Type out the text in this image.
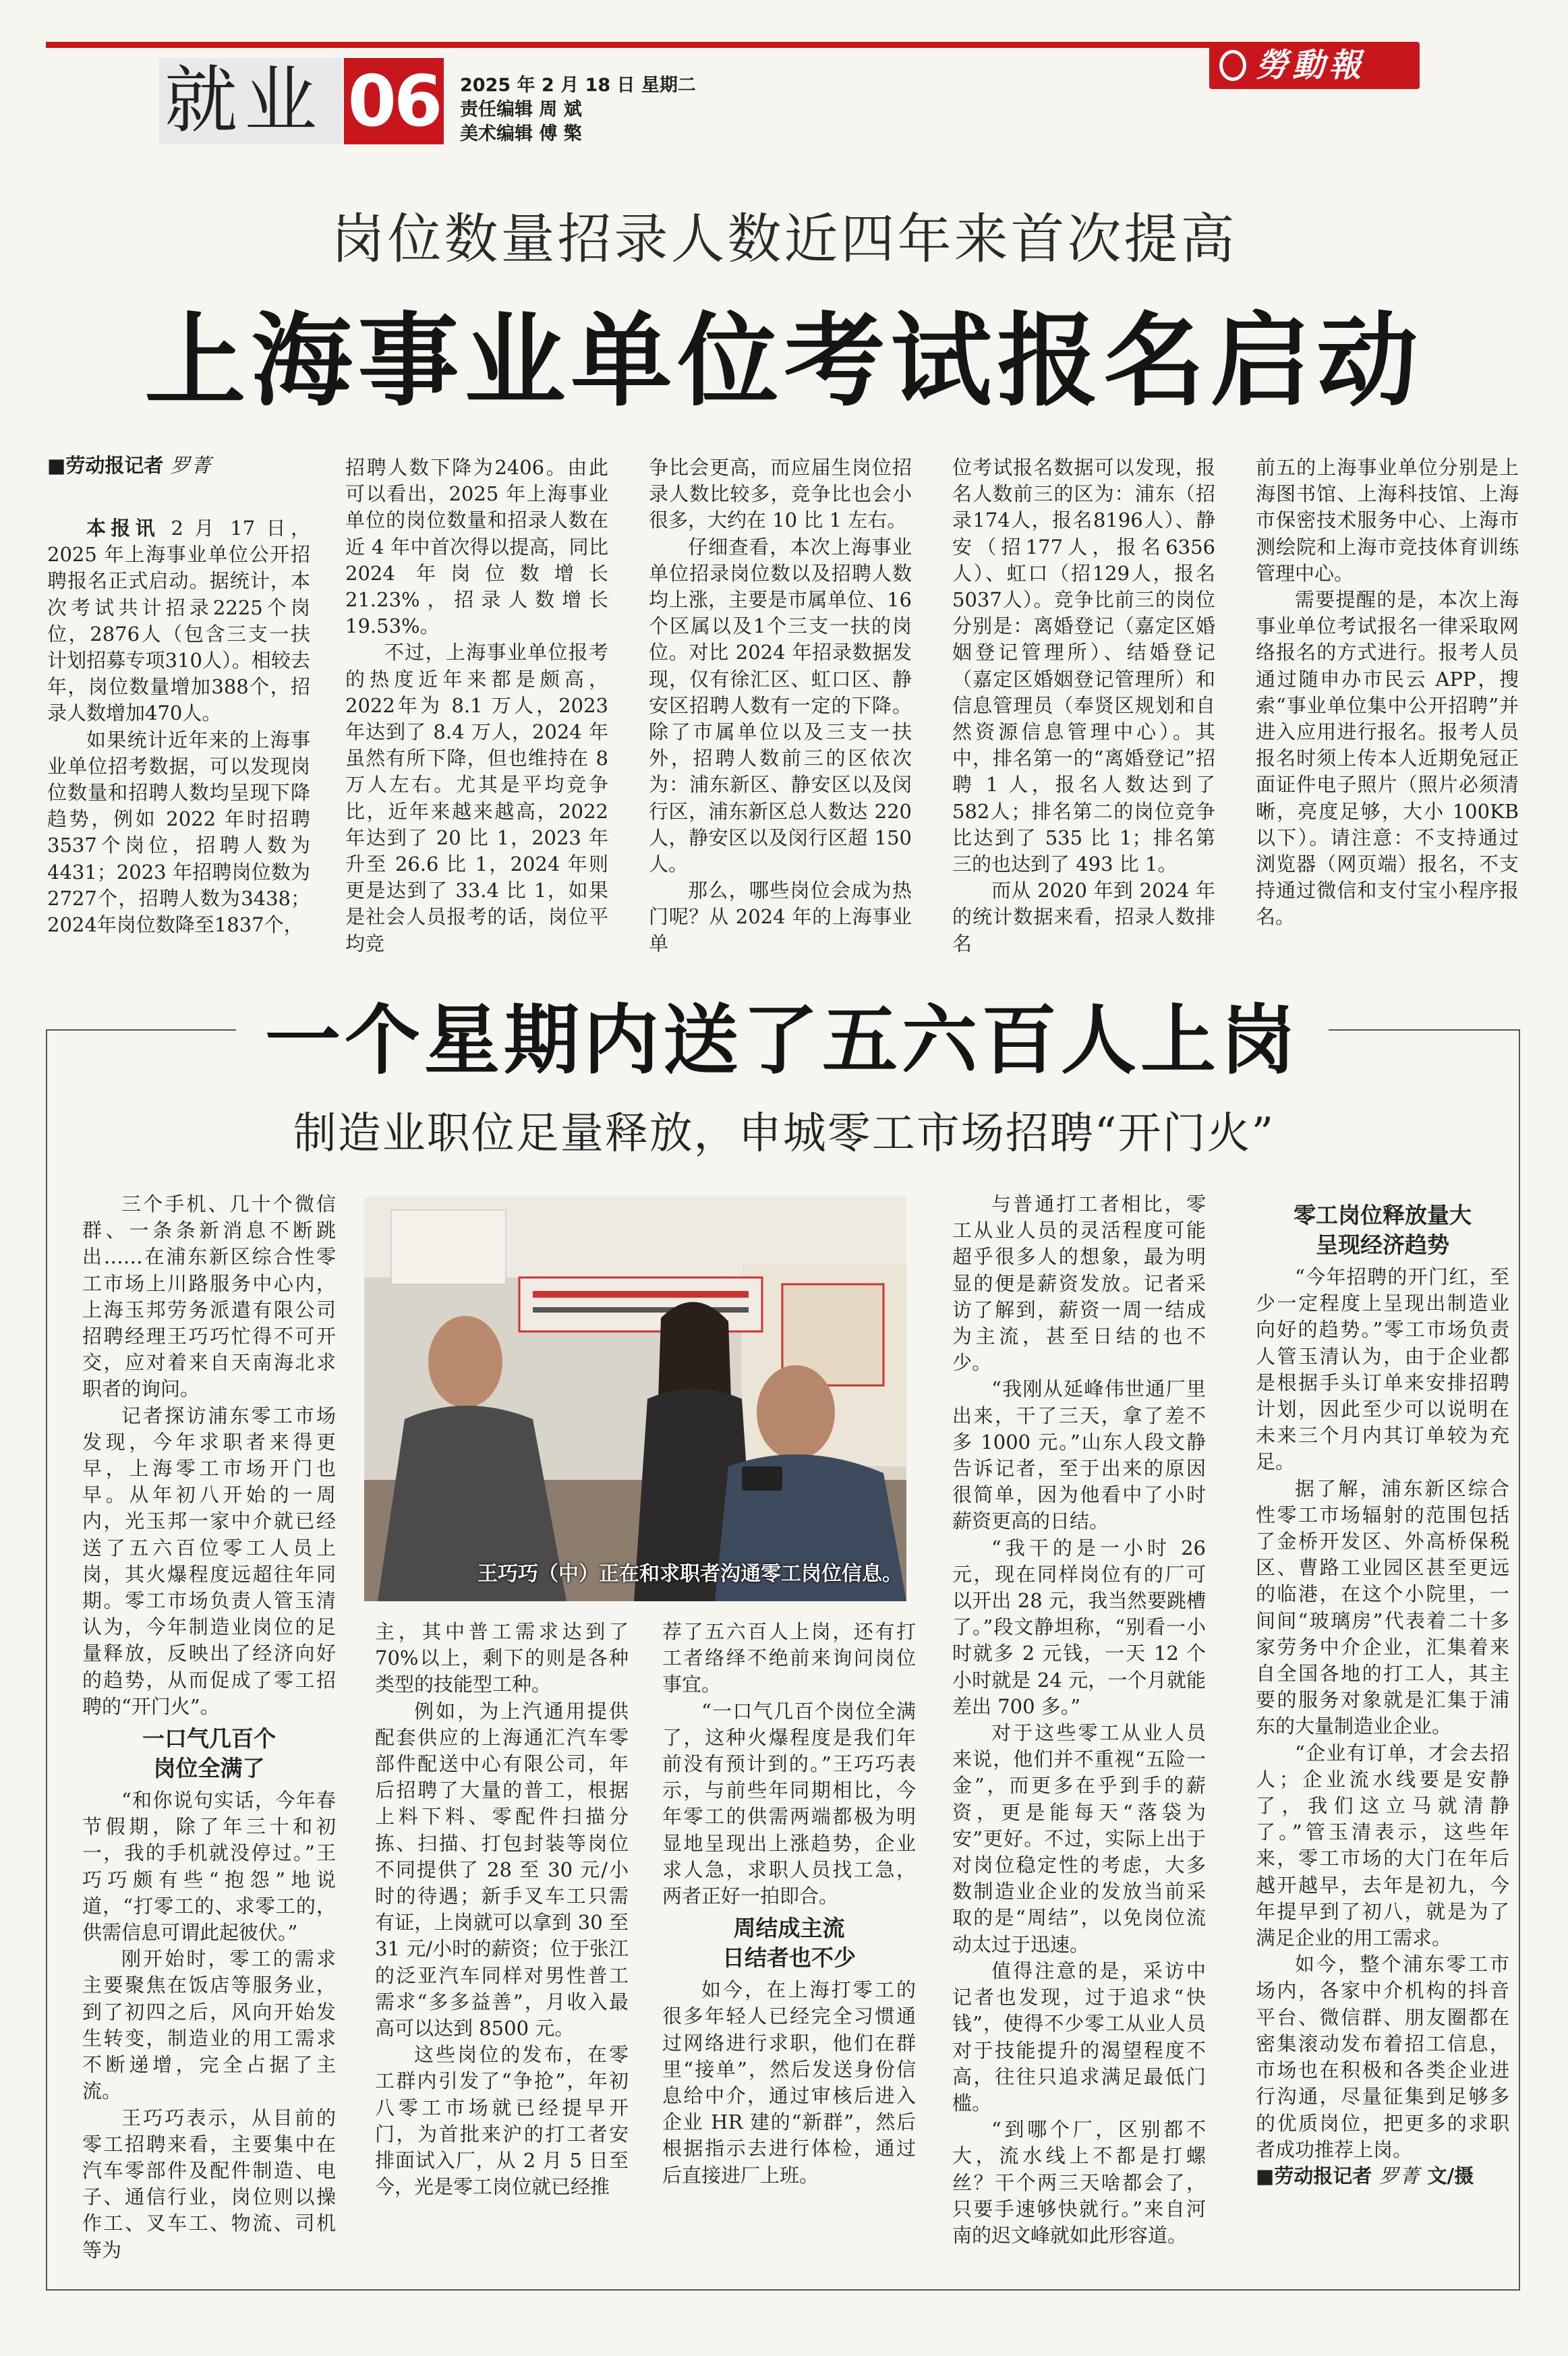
就业 06 2025 年 2 月 18 日 星期二
责任编辑 周 斌
美术编辑 傅 檠
勞動報
岗位数量招录人数近四年来首次提高
上海事业单位考试报名启动
■劳动报记者 罗菁

本报讯 2 月 17 日，2025 年上海事业单位公开招聘报名正式启动。据统计，本次考试共计招录2225个岗位，2876人（包含三支一扶计划招募专项310人）。相较去年，岗位数量增加388个，招录人数增加470人。

如果统计近年来的上海事业单位招考数据，可以发现岗位数量和招聘人数均呈现下降趋势，例如 2022 年时招聘3537个岗位，招聘人数为4431；2023 年招聘岗位数为2727个，招聘人数为3438；2024年岗位数降至1837个，

招聘人数下降为2406。由此可以看出，2025 年上海事业单位的岗位数量和招录人数在近 4 年中首次得以提高，同比 2024 年岗位数增长 21.23%，招录人数增长 19.53%。

不过，上海事业单位报考的热度近年来都是颇高，2022年为 8.1 万人，2023 年达到了 8.4 万人，2024 年虽然有所下降，但也维持在 8 万人左右。尤其是平均竞争比，近年来越来越高，2022 年达到了 20 比 1，2023 年升至 26.6 比 1，2024 年则更是达到了 33.4 比 1，如果是社会人员报考的话，岗位平均竞

争比会更高，而应届生岗位招录人数比较多，竞争比也会小很多，大约在 10 比 1 左右。

仔细查看，本次上海事业单位招录岗位数以及招聘人数均上涨，主要是市属单位、16个区属以及1个三支一扶的岗位。对比 2024 年招录数据发现，仅有徐汇区、虹口区、静安区招聘人数有一定的下降。除了市属单位以及三支一扶外，招聘人数前三的区依次为：浦东新区、静安区以及闵行区，浦东新区总人数达 220 人，静安区以及闵行区超 150 人。

那么，哪些岗位会成为热门呢？从 2024 年的上海事业单

位考试报名数据可以发现，报名人数前三的区为：浦东（招录174人，报名8196人）、静安（招177人，报名6356人）、虹口（招129人，报名5037人）。竞争比前三的岗位分别是：离婚登记（嘉定区婚姻登记管理所）、结婚登记（嘉定区婚姻登记管理所）和信息管理员（奉贤区规划和自然资源信息管理中心）。其中，排名第一的“离婚登记”招聘 1 人，报名人数达到了 582人；排名第二的岗位竞争比达到了 535 比 1；排名第三的也达到了 493 比 1。

而从 2020 年到 2024 年的统计数据来看，招录人数排名

前五的上海事业单位分别是上海图书馆、上海科技馆、上海市保密技术服务中心、上海市测绘院和上海市竞技体育训练管理中心。

需要提醒的是，本次上海事业单位考试报名一律采取网络报名的方式进行。报考人员通过随申办市民云 APP，搜索“事业单位集中公开招聘”并进入应用进行报名。报考人员报名时须上传本人近期免冠正面证件电子照片（照片必须清晰，亮度足够，大小 100KB 以下）。请注意：不支持通过浏览器（网页端）报名，不支持通过微信和支付宝小程序报名。

一个星期内送了五六百人上岗
制造业职位足量释放，申城零工市场招聘“开门火”
王巧巧（中）正在和求职者沟通零工岗位信息。

三个手机、几十个微信群、一条条新消息不断跳出……在浦东新区综合性零工市场上川路服务中心内，上海玉邦劳务派遣有限公司招聘经理王巧巧忙得不可开交，应对着来自天南海北求职者的询问。

记者探访浦东零工市场发现，今年求职者来得更早，上海零工市场开门也早。从年初八开始的一周内，光玉邦一家中介就已经送了五六百位零工人员上岗，其火爆程度远超往年同期。零工市场负责人管玉清认为，今年制造业岗位的足量释放，反映出了经济向好的趋势，从而促成了零工招聘的“开门火”。

一口气几百个
岗位全满了

“和你说句实话，今年春节假期，除了年三十和初一，我的手机就没停过。”王巧巧颇有些“抱怨”地说道，“打零工的、求零工的，供需信息可谓此起彼伏。”

刚开始时，零工的需求主要聚焦在饭店等服务业，到了初四之后，风向开始发生转变，制造业的用工需求不断递增，完全占据了主流。

王巧巧表示，从目前的零工招聘来看，主要集中在汽车零部件及配件制造、电子、通信行业，岗位则以操作工、叉车工、物流、司机等为

主，其中普工需求达到了70%以上，剩下的则是各种类型的技能型工种。

例如，为上汽通用提供配套供应的上海通汇汽车零部件配送中心有限公司，年后招聘了大量的普工，根据上料下料、零配件扫描分拣、扫描、打包封装等岗位不同提供了 28 至 30 元/小时的待遇；新手叉车工只需有证，上岗就可以拿到 30 至 31 元/小时的薪资；位于张江的泛亚汽车同样对男性普工需求“多多益善”，月收入最高可以达到 8500 元。

这些岗位的发布，在零工群内引发了“争抢”，年初八零工市场就已经提早开门，为首批来沪的打工者安排面试入厂，从 2 月 5 日至今，光是零工岗位就已经推

荐了五六百人上岗，还有打工者络绎不绝前来询问岗位事宜。

“一口气几百个岗位全满了，这种火爆程度是我们年前没有预计到的。”王巧巧表示，与前些年同期相比，今年零工的供需两端都极为明显地呈现出上涨趋势，企业求人急，求职人员找工急，两者正好一拍即合。

周结成主流
日结者也不少

如今，在上海打零工的很多年轻人已经完全习惯通过网络进行求职，他们在群里“接单”，然后发送身份信息给中介，通过审核后进入企业 HR 建的“新群”，然后根据指示去进行体检，通过后直接进厂上班。

与普通打工者相比，零工从业人员的灵活程度可能超乎很多人的想象，最为明显的便是薪资发放。记者采访了解到，薪资一周一结成为主流，甚至日结的也不少。

“我刚从延峰伟世通厂里出来，干了三天，拿了差不多 1000 元。”山东人段文静告诉记者，至于出来的原因很简单，因为他看中了小时薪资更高的日结。

“我干的是一小时 26 元，现在同样岗位有的厂可以开出 28 元，我当然要跳槽了。”段文静坦称，“别看一小时就多 2 元钱，一天 12 个小时就是 24 元，一个月就能差出 700 多。”

对于这些零工从业人员来说，他们并不重视“五险一金”，而更多在乎到手的薪资，更是能每天“落袋为安”更好。不过，实际上出于对岗位稳定性的考虑，大多数制造业企业的发放当前采取的是“周结”，以免岗位流动太过于迅速。

值得注意的是，采访中记者也发现，过于追求“快钱”，使得不少零工从业人员对于技能提升的渴望程度不高，往往只追求满足最低门槛。

“到哪个厂，区别都不大，流水线上不都是打螺丝？干个两三天啥都会了，只要手速够快就行。”来自河南的迟文峰就如此形容道。

零工岗位释放量大
呈现经济趋势

“今年招聘的开门红，至少一定程度上呈现出制造业向好的趋势。”零工市场负责人管玉清认为，由于企业都是根据手头订单来安排招聘计划，因此至少可以说明在未来三个月内其订单较为充足。

据了解，浦东新区综合性零工市场辐射的范围包括了金桥开发区、外高桥保税区、曹路工业园区甚至更远的临港，在这个小院里，一间间“玻璃房”代表着二十多家劳务中介企业，汇集着来自全国各地的打工人，其主要的服务对象就是汇集于浦东的大量制造业企业。

“企业有订单，才会去招人；企业流水线要是安静了，我们这立马就清静了。”管玉清表示，这些年来，零工市场的大门在年后越开越早，去年是初九，今年提早到了初八，就是为了满足企业的用工需求。

如今，整个浦东零工市场内，各家中介机构的抖音平台、微信群、朋友圈都在密集滚动发布着招工信息，市场也在积极和各类企业进行沟通，尽量征集到足够多的优质岗位，把更多的求职者成功推荐上岗。

■劳动报记者 罗菁 文/摄
